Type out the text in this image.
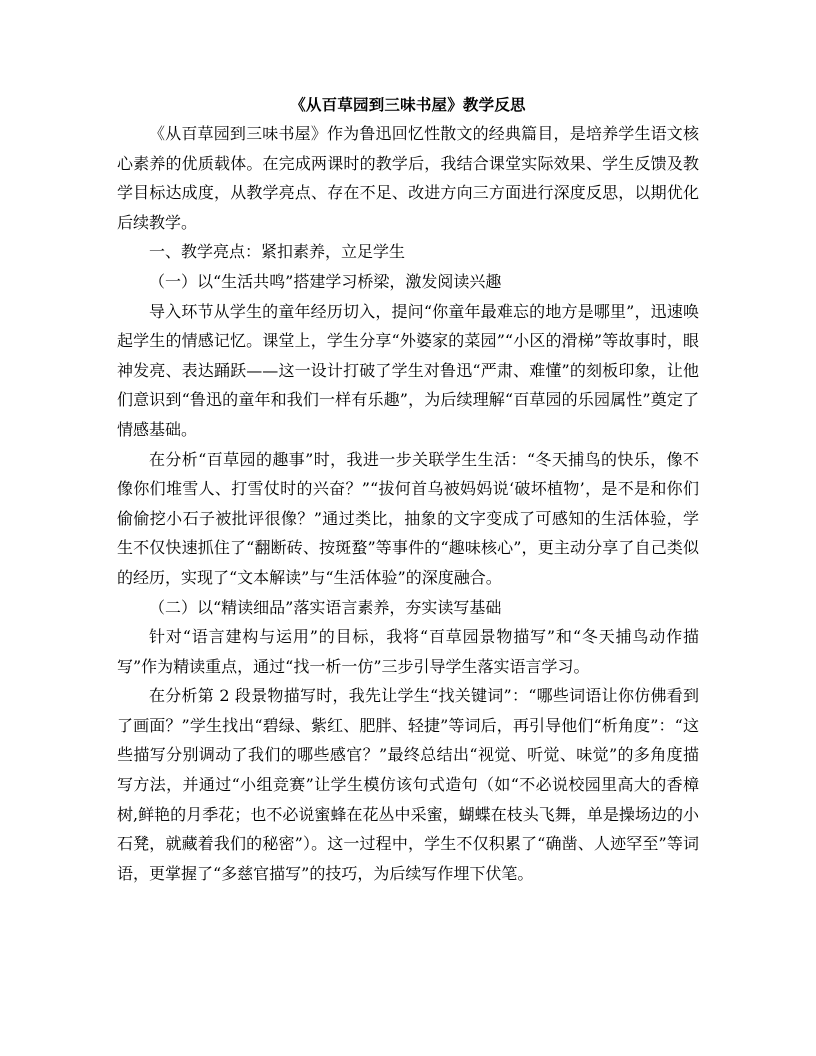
《从百草园到三味书屋》教学反思

《从百草园到三味书屋》作为鲁迅回忆性散文的经典篇目，是培养学生语文核心素养的优质载体。在完成两课时的教学后，我结合课堂实际效果、学生反馈及教学目标达成度，从教学亮点、存在不足、改进方向三方面进行深度反思，以期优化后续教学。

一、教学亮点：紧扣素养，立足学生

（一）以“生活共鸣”搭建学习桥梁，激发阅读兴趣

导入环节从学生的童年经历切入，提问“你童年最难忘的地方是哪里”，迅速唤起学生的情感记忆。课堂上，学生分享“外婆家的菜园”“小区的滑梯”等故事时，眼神发亮、表达踊跃——这一设计打破了学生对鲁迅“严肃、难懂”的刻板印象，让他们意识到“鲁迅的童年和我们一样有乐趣”，为后续理解“百草园的乐园属性”奠定了情感基础。

在分析“百草园的趣事”时，我进一步关联学生生活：“冬天捕鸟的快乐，像不像你们堆雪人、打雪仗时的兴奋？”“拔何首乌被妈妈说‘破坏植物’，是不是和你们偷偷挖小石子被批评很像？”通过类比，抽象的文字变成了可感知的生活体验，学生不仅快速抓住了“翻断砖、按斑蝥”等事件的“趣味核心”，更主动分享了自己类似的经历，实现了“文本解读”与“生活体验”的深度融合。

（二）以“精读细品”落实语言素养，夯实读写基础

针对“语言建构与运用”的目标，我将“百草园景物描写”和“冬天捕鸟动作描写”作为精读重点，通过“找一析一仿”三步引导学生落实语言学习。

在分析第 2 段景物描写时，我先让学生“找关键词”：“哪些词语让你仿佛看到了画面？”学生找出“碧绿、紫红、肥胖、轻捷”等词后，再引导他们“析角度”：“这些描写分别调动了我们的哪些感官？”最终总结出“视觉、听觉、味觉”的多角度描写方法，并通过“小组竞赛”让学生模仿该句式造句（如“不必说校园里高大的香樟树,鲜艳的月季花；也不必说蜜蜂在花丛中采蜜，蝴蝶在枝头飞舞，单是操场边的小石凳，就藏着我们的秘密”）。这一过程中，学生不仅积累了“确凿、人迹罕至”等词语，更掌握了“多慈官描写”的技巧，为后续写作埋下伏笔。
